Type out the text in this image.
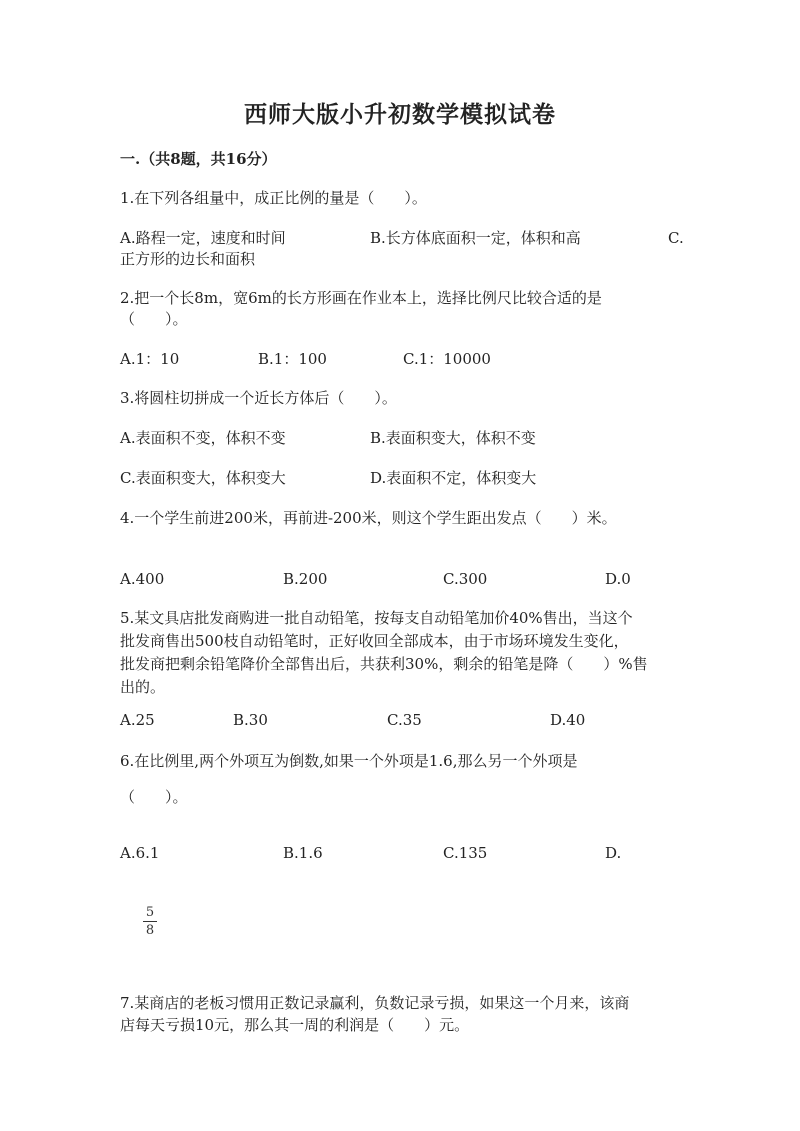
西师大版小升初数学模拟试卷
一.（共8题，共16分）
1.在下列各组量中，成正比例的量是（　　）。
A.路程一定，速度和时间	B.长方体底面积一定，体积和高	C.
正方形的边长和面积
2.把一个长8m，宽6m的长方形画在作业本上，选择比例尺比较合适的是
（　　）。
A.1：10	B.1：100	C.1：10000
3.将圆柱切拼成一个近长方体后（　　）。
A.表面积不变，体积不变	B.表面积变大，体积不变
C.表面积变大，体积变大	D.表面积不定，体积变大
4.一个学生前进200米，再前进-200米，则这个学生距出发点（　　）米。
A.400	B.200	C.300	D.0
5.某文具店批发商购进一批自动铅笔，按每支自动铅笔加价40%售出，当这个
批发商售出500枝自动铅笔时，正好收回全部成本，由于市场环境发生变化，
批发商把剩余铅笔降价全部售出后，共获利30%，剩余的铅笔是降（　　）%售
出的。
A.25	B.30	C.35	D.40
6.在比例里,两个外项互为倒数,如果一个外项是1.6,那么另一个外项是
（　　）。
A.6.1	B.1.6	C.135	D.
5
8
7.某商店的老板习惯用正数记录赢利，负数记录亏损，如果这一个月来，该商
店每天亏损10元，那么其一周的利润是（　　）元。
